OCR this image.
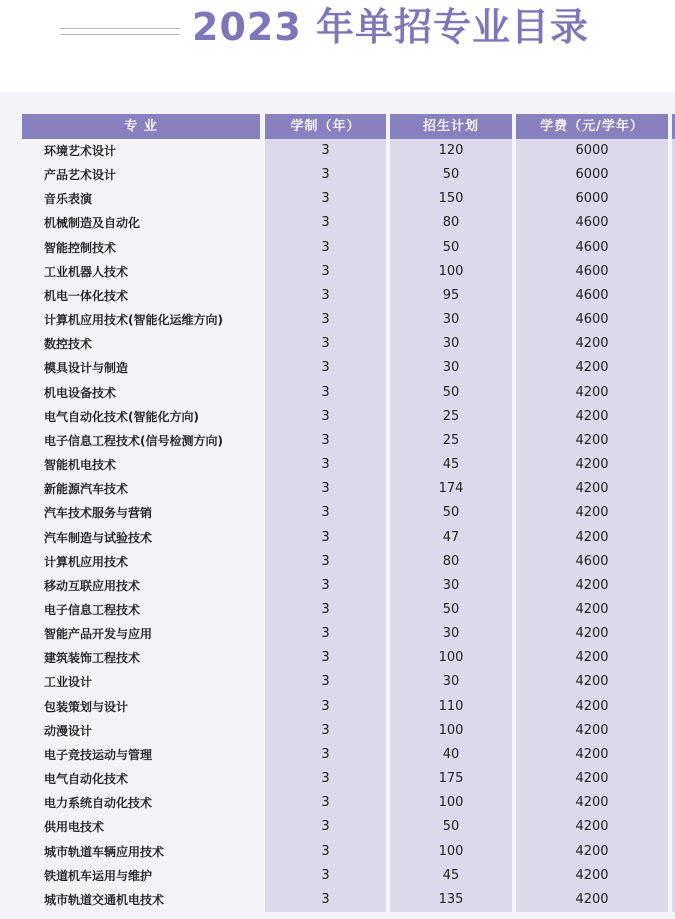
2023 年单招专业目录
专 业	学制（年）	招生计划	学费（元/学年）
环境艺术设计	3	120	6000
产品艺术设计	3	50	6000
音乐表演	3	150	6000
机械制造及自动化	3	80	4600
智能控制技术	3	50	4600
工业机器人技术	3	100	4600
机电一体化技术	3	95	4600
计算机应用技术(智能化运维方向)	3	30	4600
数控技术	3	30	4200
模具设计与制造	3	30	4200
机电设备技术	3	50	4200
电气自动化技术(智能化方向)	3	25	4200
电子信息工程技术(信号检测方向)	3	25	4200
智能机电技术	3	45	4200
新能源汽车技术	3	174	4200
汽车技术服务与营销	3	50	4200
汽车制造与试验技术	3	47	4200
计算机应用技术	3	80	4600
移动互联应用技术	3	30	4200
电子信息工程技术	3	50	4200
智能产品开发与应用	3	30	4200
建筑装饰工程技术	3	100	4200
工业设计	3	30	4200
包装策划与设计	3	110	4200
动漫设计	3	100	4200
电子竞技运动与管理	3	40	4200
电气自动化技术	3	175	4200
电力系统自动化技术	3	100	4200
供用电技术	3	50	4200
城市轨道车辆应用技术	3	100	4200
铁道机车运用与维护	3	45	4200
城市轨道交通机电技术	3	135	4200
